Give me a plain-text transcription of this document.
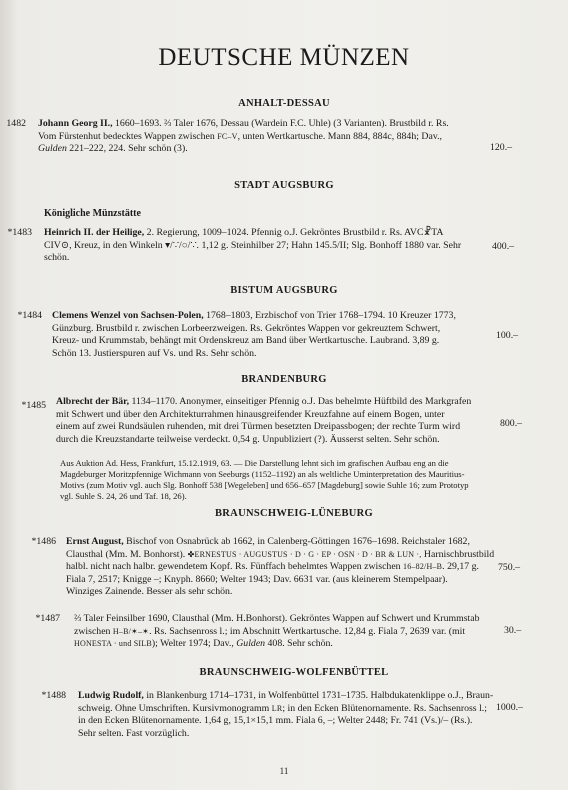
DEUTSCHE MÜNZEN
ANHALT-DESSAU
1482 Johann Georg II., 1660–1693. ⅔ Taler 1676, Dessau (Wardein F.C. Uhle) (3 Varianten). Brustbild r. Rs.
Vom Fürstenhut bedecktes Wappen zwischen FC–V, unten Wertkartusche. Mann 884, 884c, 884h; Dav.,
Gulden 221–222, 224. Sehr schön (3).	120.–
STADT AUGSBURG
Königliche Münzstätte
*1483 Heinrich II. der Heilige, 2. Regierung, 1009–1024. Pfennig o.J. Gekröntes Brustbild r. Rs. AVC☧TA
CIV⊙, Kreuz, in den Winkeln ▾/∵/○/∵. 1,12 g. Steinhilber 27; Hahn 145.5/II; Slg. Bonhoff 1880 var. Sehr
schön.
400.–
BISTUM AUGSBURG
*1484 Clemens Wenzel von Sachsen-Polen, 1768–1803, Erzbischof von Trier 1768–1794. 10 Kreuzer 1773,
Günzburg. Brustbild r. zwischen Lorbeerzweigen. Rs. Gekröntes Wappen vor gekreuztem Schwert,
Kreuz- und Krummstab, behängt mit Ordenskreuz am Band über Wertkartusche. Laubrand. 3,89 g.
Schön 13. Justierspuren auf Vs. und Rs. Sehr schön.
100.–
BRANDENBURG
*1485 Albrecht der Bär, 1134–1170. Anonymer, einseitiger Pfennig o.J. Das behelmte Hüftbild des Markgrafen
mit Schwert und über den Architekturrahmen hinausgreifender Kreuzfahne auf einem Bogen, unter
einem auf zwei Rundsäulen ruhenden, mit drei Türmen besetzten Dreipassbogen; der rechte Turm wird
durch die Kreuzstandarte teilweise verdeckt. 0,54 g. Unpubliziert (?). Äusserst selten. Sehr schön.
800.–
Aus Auktion Ad. Hess, Frankfurt, 15.12.1919, 63. –– Die Darstellung lehnt sich im grafischen Aufbau eng an die
Magdeburger Moritzpfennige Wichmann von Seeburgs (1152–1192) an als weltliche Uminterpretation des Mauritius-
Motivs (zum Motiv vgl. auch Slg. Bonhoff 538 [Wegeleben] und 656–657 [Magdeburg] sowie Suhle 16; zum Prototyp
vgl. Suhle S. 24, 26 und Taf. 18, 26).
BRAUNSCHWEIG-LÜNEBURG
*1486 Ernst August, Bischof von Osnabrück ab 1662, in Calenberg-Göttingen 1676–1698. Reichstaler 1682,
Clausthal (Mm. M. Bonhorst). ✤ERNESTUS · AUGUSTUS · D · G · EP · OSN · D · BR & LUN ·, Harnischbrustbild
halbl. nicht nach halbr. gewendetem Kopf. Rs. Fünffach behelmtes Wappen zwischen 16–82/H–B. 29,17 g.
Fiala 7, 2517; Knigge –; Knyph. 8660; Welter 1943; Dav. 6631 var. (aus kleinerem Stempelpaar).
Winziges Zainende. Besser als sehr schön.
750.–
*1487 ⅔ Taler Feinsilber 1690, Clausthal (Mm. H.Bonhorst). Gekröntes Wappen auf Schwert und Krummstab
zwischen H–B/✶–✶. Rs. Sachsenross l.; im Abschnitt Wertkartusche. 12,84 g. Fiala 7, 2639 var. (mit
HONESTA · und SILB); Welter 1974; Dav., Gulden 408. Sehr schön.
30.–
BRAUNSCHWEIG-WOLFENBÜTTEL
*1488 Ludwig Rudolf, in Blankenburg 1714–1731, in Wolfenbüttel 1731–1735. Halbdukatenklippe o.J., Braun-
schweig. Ohne Umschriften. Kursivmonogramm LR; in den Ecken Blütenornamente. Rs. Sachsenross l.;
in den Ecken Blütenornamente. 1,64 g, 15,1×15,1 mm. Fiala 6, –; Welter 2448; Fr. 741 (Vs.)/– (Rs.).
Sehr selten. Fast vorzüglich.
1000.–
11
